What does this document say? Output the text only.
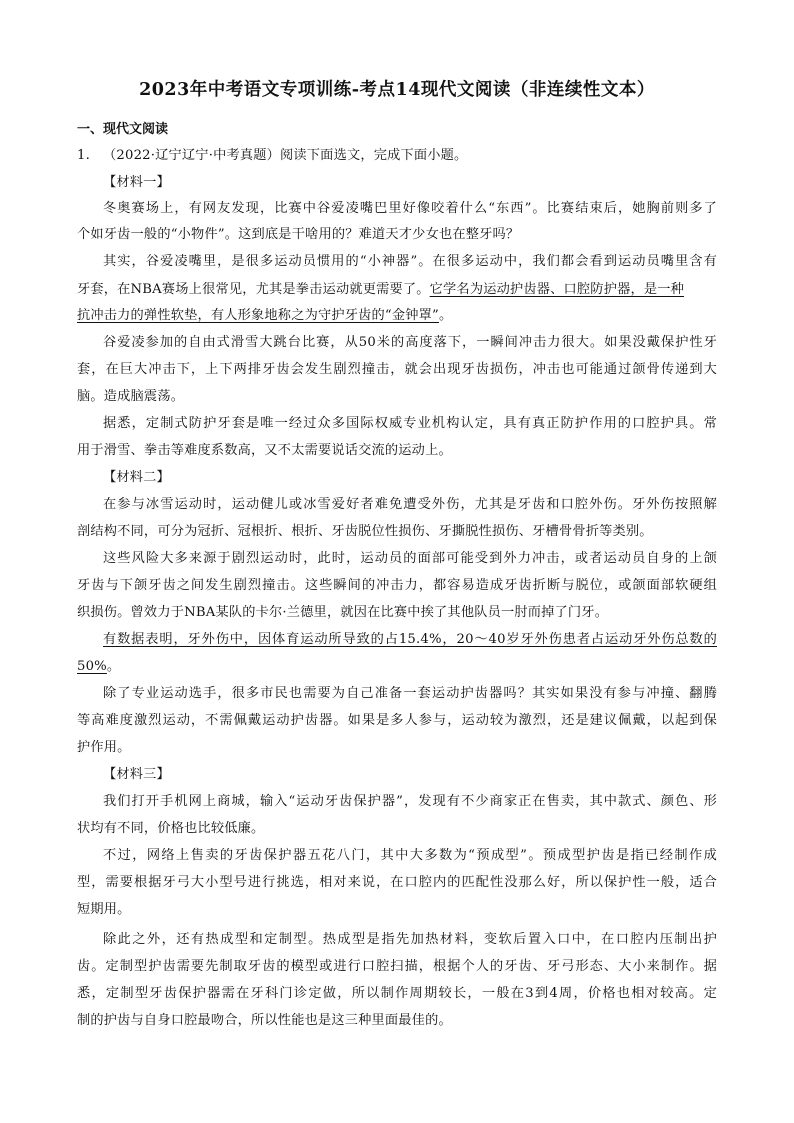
2023年中考语文专项训练-考点14现代文阅读（非连续性文本）
一、现代文阅读
1. （2022·辽宁辽宁·中考真题）阅读下面选文，完成下面小题。
【材料一】
冬奥赛场上，有网友发现，比赛中谷爱凌嘴巴里好像咬着什么“东西”。比赛结束后，她胸前则多了
个如牙齿一般的“小物件”。这到底是干啥用的？难道天才少女也在整牙吗？
其实，谷爱凌嘴里，是很多运动员惯用的“小神器”。在很多运动中，我们都会看到运动员嘴里含有
牙套，在NBA赛场上很常见，尤其是拳击运动就更需要了。它学名为运动护齿器、口腔防护器，是一种
抗冲击力的弹性软垫，有人形象地称之为守护牙齿的“金钟罩”。
谷爱凌参加的自由式滑雪大跳台比赛，从50米的高度落下，一瞬间冲击力很大。如果没戴保护性牙
套，在巨大冲击下，上下两排牙齿会发生剧烈撞击，就会出现牙齿损伤，冲击也可能通过颌骨传递到大
脑。造成脑震荡。
据悉，定制式防护牙套是唯一经过众多国际权威专业机构认定，具有真正防护作用的口腔护具。常
用于滑雪、拳击等难度系数高，又不太需要说话交流的运动上。
【材料二】
在参与冰雪运动时，运动健儿或冰雪爱好者难免遭受外伤，尤其是牙齿和口腔外伤。牙外伤按照解
剖结构不同，可分为冠折、冠根折、根折、牙齿脱位性损伤、牙撕脱性损伤、牙槽骨骨折等类别。
这些风险大多来源于剧烈运动时，此时，运动员的面部可能受到外力冲击，或者运动员自身的上颌
牙齿与下颌牙齿之间发生剧烈撞击。这些瞬间的冲击力，都容易造成牙齿折断与脱位，或颌面部软硬组
织损伤。曾效力于NBA某队的卡尔·兰德里，就因在比赛中挨了其他队员一肘而掉了门牙。
有数据表明，牙外伤中，因体育运动所导致的占15.4%，20～40岁牙外伤患者占运动牙外伤总数的
50%。
除了专业运动选手，很多市民也需要为自己准备一套运动护齿器吗？其实如果没有参与冲撞、翻腾
等高难度激烈运动，不需佩戴运动护齿器。如果是多人参与，运动较为激烈，还是建议佩戴，以起到保
护作用。
【材料三】
我们打开手机网上商城，输入“运动牙齿保护器”，发现有不少商家正在售卖，其中款式、颜色、形
状均有不同，价格也比较低廉。
不过，网络上售卖的牙齿保护器五花八门，其中大多数为“预成型”。预成型护齿是指已经制作成
型，需要根据牙弓大小型号进行挑选，相对来说，在口腔内的匹配性没那么好，所以保护性一般，适合
短期用。
除此之外，还有热成型和定制型。热成型是指先加热材料，变软后置入口中，在口腔内压制出护
齿。定制型护齿需要先制取牙齿的模型或进行口腔扫描，根据个人的牙齿、牙弓形态、大小来制作。据
悉，定制型牙齿保护器需在牙科门诊定做，所以制作周期较长，一般在3到4周，价格也相对较高。定
制的护齿与自身口腔最吻合，所以性能也是这三种里面最佳的。
